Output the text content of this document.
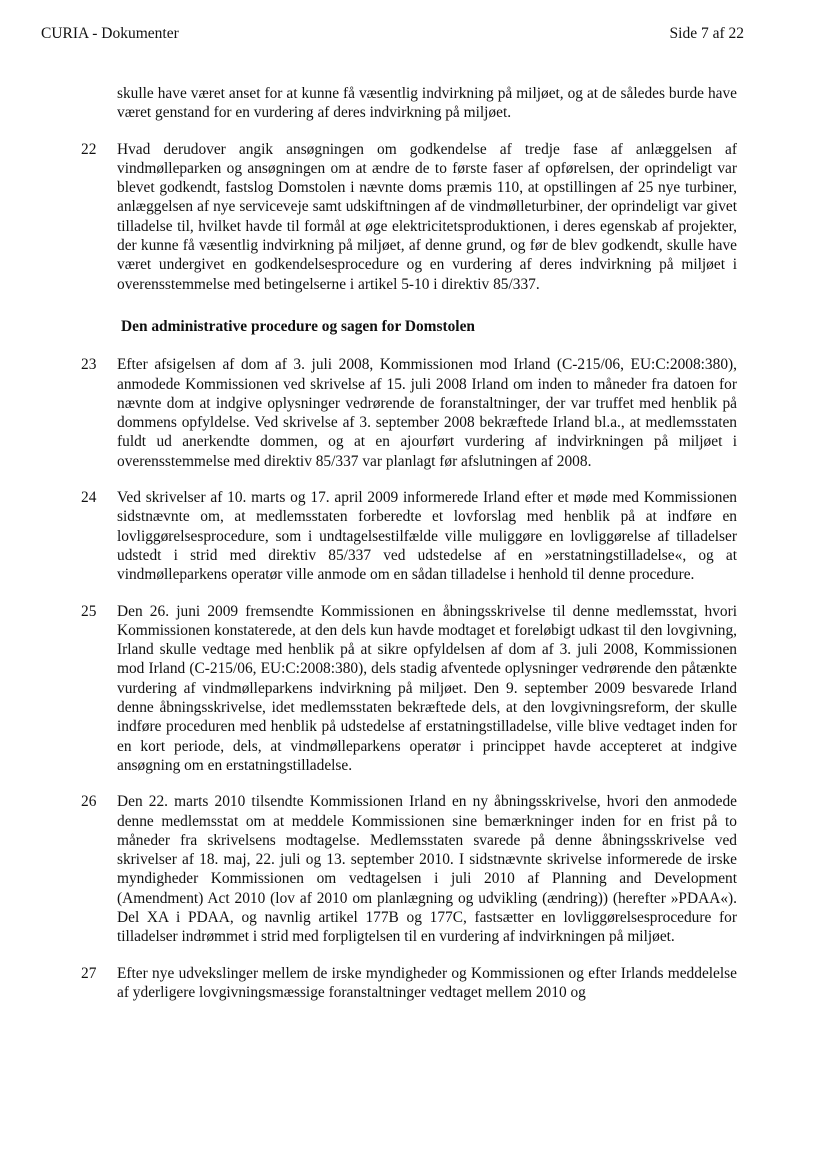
CURIA - Dokumenter	Side 7 af 22

skulle have været anset for at kunne få væsentlig indvirkning på miljøet, og at de således burde have været genstand for en vurdering af deres indvirkning på miljøet.

22 Hvad derudover angik ansøgningen om godkendelse af tredje fase af anlæggelsen af vindmølleparken og ansøgningen om at ændre de to første faser af opførelsen, der oprindeligt var blevet godkendt, fastslog Domstolen i nævnte doms præmis 110, at opstillingen af 25 nye turbiner, anlæggelsen af nye serviceveje samt udskiftningen af de vindmølleturbiner, der oprindeligt var givet tilladelse til, hvilket havde til formål at øge elektricitetsproduktionen, i deres egenskab af projekter, der kunne få væsentlig indvirkning på miljøet, af denne grund, og før de blev godkendt, skulle have været undergivet en godkendelsesprocedure og en vurdering af deres indvirkning på miljøet i overensstemmelse med betingelserne i artikel 5-10 i direktiv 85/337.
Den administrative procedure og sagen for Domstolen
23 Efter afsigelsen af dom af 3. juli 2008, Kommissionen mod Irland (C-215/06, EU:C:2008:380), anmodede Kommissionen ved skrivelse af 15. juli 2008 Irland om inden to måneder fra datoen for nævnte dom at indgive oplysninger vedrørende de foranstaltninger, der var truffet med henblik på dommens opfyldelse. Ved skrivelse af 3. september 2008 bekræftede Irland bl.a., at medlemsstaten fuldt ud anerkendte dommen, og at en ajourført vurdering af indvirkningen på miljøet i overensstemmelse med direktiv 85/337 var planlagt før afslutningen af 2008.
24 Ved skrivelser af 10. marts og 17. april 2009 informerede Irland efter et møde med Kommissionen sidstnævnte om, at medlemsstaten forberedte et lovforslag med henblik på at indføre en lovliggørelsesprocedure, som i undtagelsestilfælde ville muliggøre en lovliggørelse af tilladelser udstedt i strid med direktiv 85/337 ved udstedelse af en »erstatningstilladelse«, og at vindmølleparkens operatør ville anmode om en sådan tilladelse i henhold til denne procedure.
25 Den 26. juni 2009 fremsendte Kommissionen en åbningsskrivelse til denne medlemsstat, hvori Kommissionen konstaterede, at den dels kun havde modtaget et foreløbigt udkast til den lovgivning, Irland skulle vedtage med henblik på at sikre opfyldelsen af dom af 3. juli 2008, Kommissionen mod Irland (C-215/06, EU:C:2008:380), dels stadig afventede oplysninger vedrørende den påtænkte vurdering af vindmølleparkens indvirkning på miljøet. Den 9. september 2009 besvarede Irland denne åbningsskrivelse, idet medlemsstaten bekræftede dels, at den lovgivningsreform, der skulle indføre proceduren med henblik på udstedelse af erstatningstilladelse, ville blive vedtaget inden for en kort periode, dels, at vindmølleparkens operatør i princippet havde accepteret at indgive ansøgning om en erstatningstilladelse.
26 Den 22. marts 2010 tilsendte Kommissionen Irland en ny åbningsskrivelse, hvori den anmodede denne medlemsstat om at meddele Kommissionen sine bemærkninger inden for en frist på to måneder fra skrivelsens modtagelse. Medlemsstaten svarede på denne åbningsskrivelse ved skrivelser af 18. maj, 22. juli og 13. september 2010. I sidstnævnte skrivelse informerede de irske myndigheder Kommissionen om vedtagelsen i juli 2010 af Planning and Development (Amendment) Act 2010 (lov af 2010 om planlægning og udvikling (ændring)) (herefter »PDAA«). Del XA i PDAA, og navnlig artikel 177B og 177C, fastsætter en lovliggørelsesprocedure for tilladelser indrømmet i strid med forpligtelsen til en vurdering af indvirkningen på miljøet.
27 Efter nye udvekslinger mellem de irske myndigheder og Kommissionen og efter Irlands meddelelse af yderligere lovgivningsmæssige foranstaltninger vedtaget mellem 2010 og
